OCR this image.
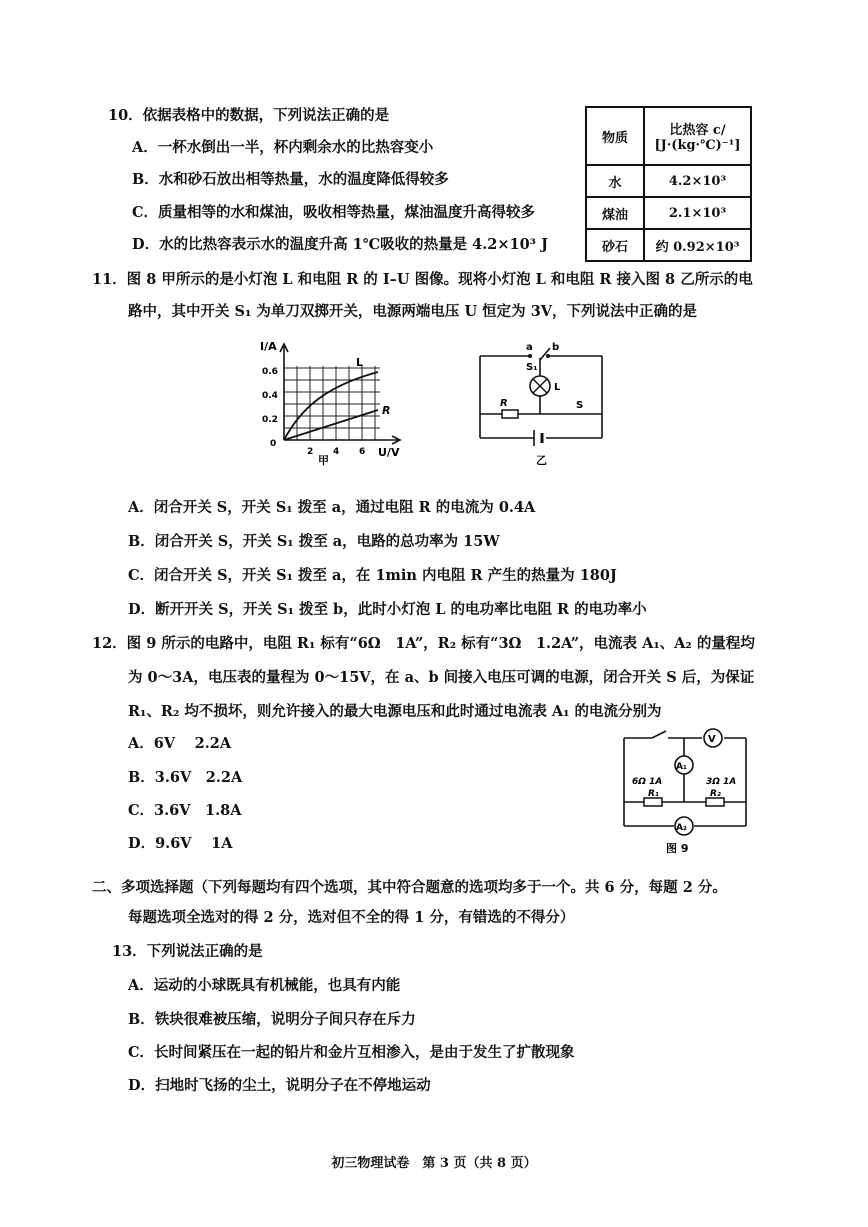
10．依据表格中的数据，下列说法正确的是
A．一杯水倒出一半，杯内剩余水的比热容变小
B．水和砂石放出相等热量，水的温度降低得较多
C．质量相等的水和煤油，吸收相等热量，煤油温度升高得较多
D．水的比热容表示水的温度升高 1℃吸收的热量是 4.2×10³ J
物质	比热容 c/
[J·(kg·℃)⁻¹]

水	4.2×10³
煤油	2.1×10³
砂石	约 0.92×10³
11．图 8 甲所示的是小灯泡 L 和电阻 R 的 I–U 图像。现将小灯泡 L 和电阻 R 接入图 8 乙所示的电
路中，其中开关 S₁ 为单刀双掷开关，电源两端电压 U 恒定为 3V，下列说法中正确的是
I/A
U/V
0.6
0.4
0.2
0
2 4 6
L
R
甲
a b
S₁
L
R	S
乙
A．闭合开关 S，开关 S₁ 拨至 a，通过电阻 R 的电流为 0.4A
B．闭合开关 S，开关 S₁ 拨至 a，电路的总功率为 15W
C．闭合开关 S，开关 S₁ 拨至 a，在 1min 内电阻 R 产生的热量为 180J
D．断开开关 S，开关 S₁ 拨至 b，此时小灯泡 L 的电功率比电阻 R 的电功率小
12．图 9 所示的电路中，电阻 R₁ 标有“6Ω　1A”，R₂ 标有“3Ω　1.2A”，电流表 A₁、A₂ 的量程均
为 0～3A，电压表的量程为 0～15V，在 a、b 间接入电压可调的电源，闭合开关 S 后，为保证
R₁、R₂ 均不损坏，则允许接入的最大电源电压和此时通过电流表 A₁ 的电流分别为
A．6V　 2.2A
B．3.6V　2.2A
C．3.6V　1.8A
D．9.6V　 1A
V
A₁
A₂
6Ω 1A
R₁
3Ω 1A
R₂
图 9
二、多项选择题（下列每题均有四个选项，其中符合题意的选项均多于一个。共 6 分，每题 2 分。
每题选项全选对的得 2 分，选对但不全的得 1 分，有错选的不得分）
13．下列说法正确的是
A．运动的小球既具有机械能，也具有内能
B．铁块很难被压缩，说明分子间只存在斥力
C．长时间紧压在一起的铅片和金片互相渗入，是由于发生了扩散现象
D．扫地时飞扬的尘土，说明分子在不停地运动
初三物理试卷　第 3 页（共 8 页）
